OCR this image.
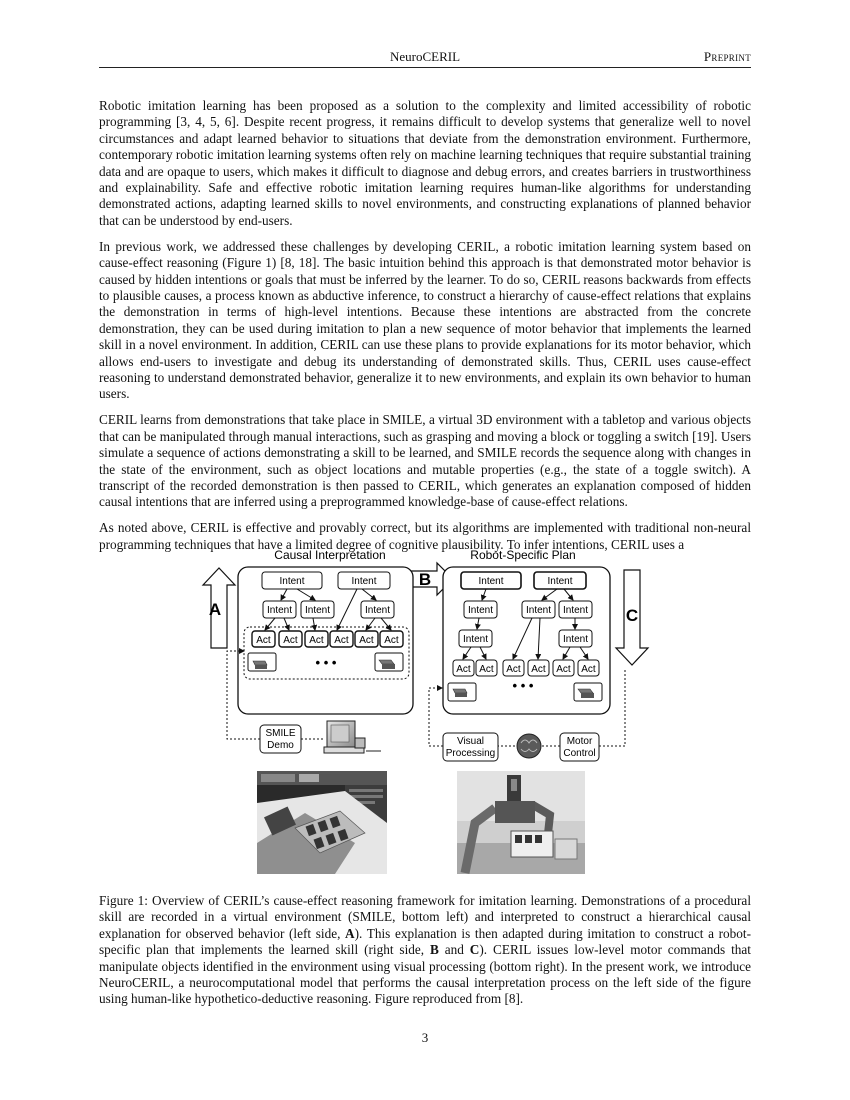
NeuroCERIL	Preprint

Robotic imitation learning has been proposed as a solution to the complexity and limited accessibility of robotic programming [3, 4, 5, 6]. Despite recent progress, it remains difficult to develop systems that generalize well to novel circumstances and adapt learned behavior to situations that deviate from the demonstration environment. Furthermore, contemporary robotic imitation learning systems often rely on machine learning techniques that require substantial training data and are opaque to users, which makes it difficult to diagnose and debug errors, and creates barriers in trustworthiness and explainability. Safe and effective robotic imitation learning requires human-like algorithms for understanding demonstrated actions, adapting learned skills to novel environments, and constructing explanations of planned behavior that can be understood by end-users.

In previous work, we addressed these challenges by developing CERIL, a robotic imitation learning system based on cause-effect reasoning (Figure 1) [8, 18]. The basic intuition behind this approach is that demonstrated motor behavior is caused by hidden intentions or goals that must be inferred by the learner. To do so, CERIL reasons backwards from effects to plausible causes, a process known as abductive inference, to construct a hierarchy of cause-effect relations that explains the demonstration in terms of high-level intentions. Because these intentions are abstracted from the concrete demonstration, they can be used during imitation to plan a new sequence of motor behavior that implements the learned skill in a novel environment. In addition, CERIL can use these plans to provide explanations for its motor behavior, which allows end-users to investigate and debug its understanding of demonstrated skills. Thus, CERIL uses cause-effect reasoning to understand demonstrated behavior, generalize it to new environments, and explain its own behavior to human users.

CERIL learns from demonstrations that take place in SMILE, a virtual 3D environment with a tabletop and various objects that can be manipulated through manual interactions, such as grasping and moving a block or toggling a switch [19]. Users simulate a sequence of actions demonstrating a skill to be learned, and SMILE records the sequence along with changes in the state of the environment, such as object locations and mutable properties (e.g., the state of a toggle switch). A transcript of the recorded demonstration is then passed to CERIL, which generates an explanation composed of hidden causal intentions that are inferred using a preprogrammed knowledge-base of cause-effect relations.

As noted above, CERIL is effective and provably correct, but its algorithms are implemented with traditional non-neural programming techniques that have a limited degree of cognitive plausibility. To infer intentions, CERIL uses a

Causal Interpretation	Robot-Specific Plan
A
B
C
Intent	Intent
Intent Intent	Intent
Act Act Act Act Act Act
• • •
Intent	Intent
Intent	Intent Intent
Intent	Intent
Act Act Act Act Act Act
• • •
SMILE
Demo	Visual
Processing
Motor
Control
Figure 1: Overview of CERIL’s cause-effect reasoning framework for imitation learning. Demonstrations of a procedural skill are recorded in a virtual environment (SMILE, bottom left) and interpreted to construct a hierarchical causal explanation for observed behavior (left side, A). This explanation is then adapted during imitation to construct a robot-specific plan that implements the learned skill (right side, B and C). CERIL issues low-level motor commands that manipulate objects identified in the environment using visual processing (bottom right). In the present work, we introduce NeuroCERIL, a neurocomputational model that performs the causal interpretation process on the left side of the figure using human-like hypothetico-deductive reasoning. Figure reproduced from [8].
3
